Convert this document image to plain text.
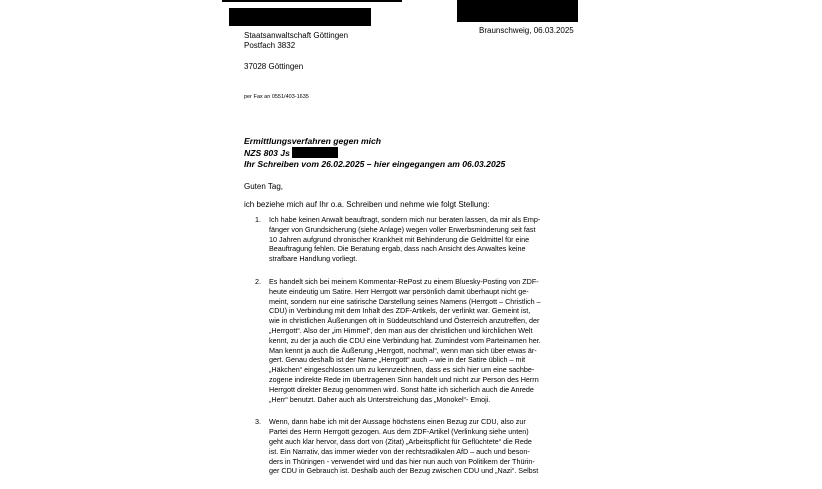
Braunschweig, 06.03.2025
Staatsanwaltschaft Göttingen
Postfach 3832
37028 Göttingen
per Fax an 0551/403-1635
Ermittlungsverfahren gegen mich
NZS 803 Js
Ihr Schreiben vom 26.02.2025 – hier eingegangen am 06.03.2025
Guten Tag,
ich beziehe mich auf Ihr o.a. Schreiben und nehme wie folgt Stellung:
1.	Ich habe keinen Anwalt beauftragt, sondern mich nur beraten lassen, da mir als Emp-
fänger von Grundsicherung (siehe Anlage) wegen voller Erwerbsminderung seit fast
10 Jahren aufgrund chronischer Krankheit mit Behinderung die Geldmittel für eine
Beauftragung fehlen. Die Beratung ergab, dass nach Ansicht des Anwaltes keine
strafbare Handlung vorliegt.
2.	Es handelt sich bei meinem Kommentar-RePost zu einem Bluesky-Posting von ZDF-
heute eindeutig um Satire. Herr Herrgott war persönlich damit überhaupt nicht ge-
meint, sondern nur eine satirische Darstellung seines Namens (Herrgott – Christlich –
CDU) in Verbindung mit dem Inhalt des ZDF-Artikels, der verlinkt war. Gemeint ist,
wie in christlichen Äußerungen oft in Süddeutschland und Österreich anzutreffen, der
„Herrgott“. Also der „im Himmel“, den man aus der christlichen und kirchlichen Welt
kennt, zu der ja auch die CDU eine Verbindung hat. Zumindest vom Parteinamen her.
Man kennt ja auch die Äußerung „Herrgott, nochmal“, wenn man sich über etwas är-
gert. Genau deshalb ist der Name „Herrgott“ auch – wie in der Satire üblich – mit
„Häkchen“ eingeschlossen um zu kennzeichnen, dass es sich hier um eine sachbe-
zogene indirekte Rede im übertragenen Sinn handelt und nicht zur Person des Herrn
Herrgott direkter Bezug genommen wird. Sonst hätte ich sicherlich auch die Anrede
„Herr“ benutzt. Daher auch als Unterstreichung das „Monokel“- Emoji.
3.	Wenn, dann habe ich mit der Aussage höchstens einen Bezug zur CDU, also zur
Partei des Herrn Herrgott gezogen. Aus dem ZDF-Artikel (Verlinkung siehe unten)
geht auch klar hervor, dass dort von (Zitat) „Arbeitspflicht für Geflüchtete“ die Rede
ist. Ein Narrativ, das immer wieder von der rechtsradikalen AfD – auch und beson-
ders in Thüringen - verwendet wird und das hier nun auch von Politikern der Thürin-
ger CDU in Gebrauch ist. Deshalb auch der Bezug zwischen CDU und „Nazi“. Selbst
